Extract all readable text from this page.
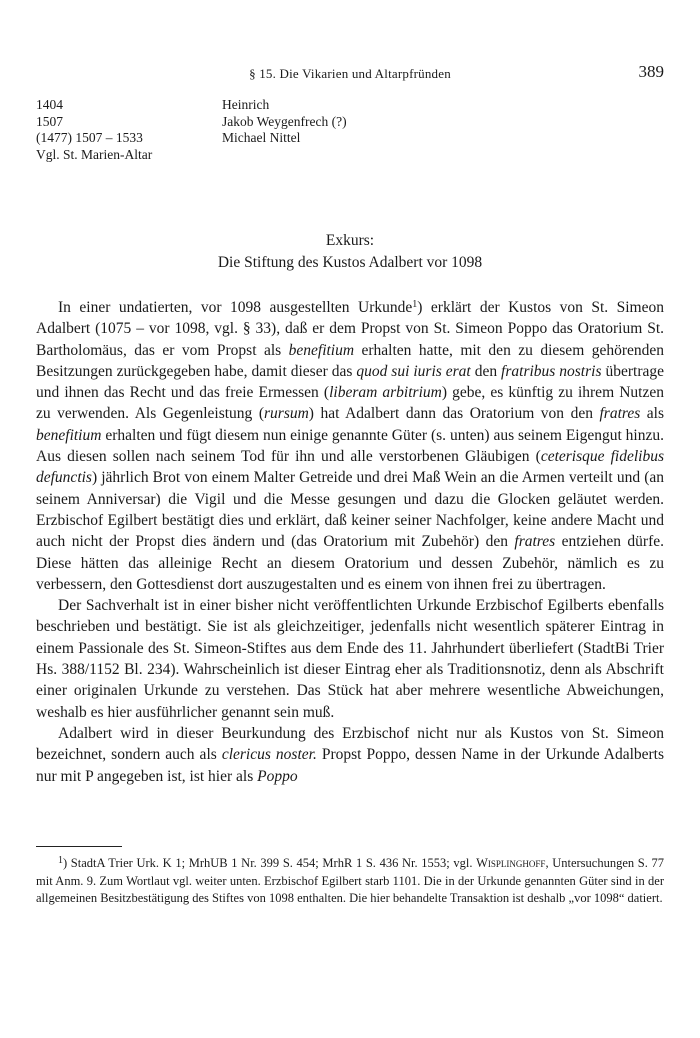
§ 15. Die Vikarien und Altarpfründen	389
1404	Heinrich
1507	Jakob Weygenfrech (?)
(1477) 1507 – 1533	Michael Nittel
Vgl. St. Marien-Altar
Exkurs:
Die Stiftung des Kustos Adalbert vor 1098

In einer undatierten, vor 1098 ausgestellten Urkunde$^1$) erklärt der Kustos von St. Simeon Adalbert (1075 – vor 1098, vgl. § 33), daß er dem Propst von St. Simeon Poppo das Oratorium St. Bartholomäus, das er vom Propst als benefitium erhalten hatte, mit den zu diesem gehörenden Besitzungen zurückgegeben habe, damit dieser das quod sui iuris erat den fratribus nostris übertrage und ihnen das Recht und das freie Ermessen (liberam arbitrium) gebe, es künftig zu ihrem Nutzen zu verwenden. Als Gegenleistung (rursum) hat Adalbert dann das Oratorium von den fratres als benefitium erhalten und fügt diesem nun einige genannte Güter (s. unten) aus seinem Eigengut hinzu. Aus diesen sollen nach seinem Tod für ihn und alle verstorbenen Gläubigen (ceterisque fidelibus defunctis) jährlich Brot von einem Malter Getreide und drei Maß Wein an die Armen verteilt und (an seinem Anniversar) die Vigil und die Messe gesungen und dazu die Glocken geläutet werden. Erzbischof Egilbert bestätigt dies und erklärt, daß keiner seiner Nachfolger, keine andere Macht und auch nicht der Propst dies ändern und (das Oratorium mit Zubehör) den fratres entziehen dürfe. Diese hätten das alleinige Recht an diesem Oratorium und dessen Zubehör, nämlich es zu verbessern, den Gottesdienst dort auszugestalten und es einem von ihnen frei zu übertragen.

Der Sachverhalt ist in einer bisher nicht veröffentlichten Urkunde Erzbischof Egilberts ebenfalls beschrieben und bestätigt. Sie ist als gleichzeitiger, jedenfalls nicht wesentlich späterer Eintrag in einem Passionale des St. Simeon-Stiftes aus dem Ende des 11. Jahrhundert überliefert (StadtBi Trier Hs. 388/1152 Bl. 234). Wahrscheinlich ist dieser Eintrag eher als Traditionsnotiz, denn als Abschrift einer originalen Urkunde zu verstehen. Das Stück hat aber mehrere wesentliche Abweichungen, weshalb es hier ausführlicher genannt sein muß.

Adalbert wird in dieser Beurkundung des Erzbischof nicht nur als Kustos von St. Simeon bezeichnet, sondern auch als clericus noster. Propst Poppo, dessen Name in der Urkunde Adalberts nur mit P angegeben ist, ist hier als Poppo

$^1$) StadtA Trier Urk. K 1; MrhUB 1 Nr. 399 S. 454; MrhR 1 S. 436 Nr. 1553; vgl. Wisplinghoff, Untersuchungen S. 77 mit Anm. 9. Zum Wortlaut vgl. weiter unten. Erzbischof Egilbert starb 1101. Die in der Urkunde genannten Güter sind in der allgemeinen Besitzbestätigung des Stiftes von 1098 enthalten. Die hier behandelte Transaktion ist deshalb „vor 1098“ datiert.
